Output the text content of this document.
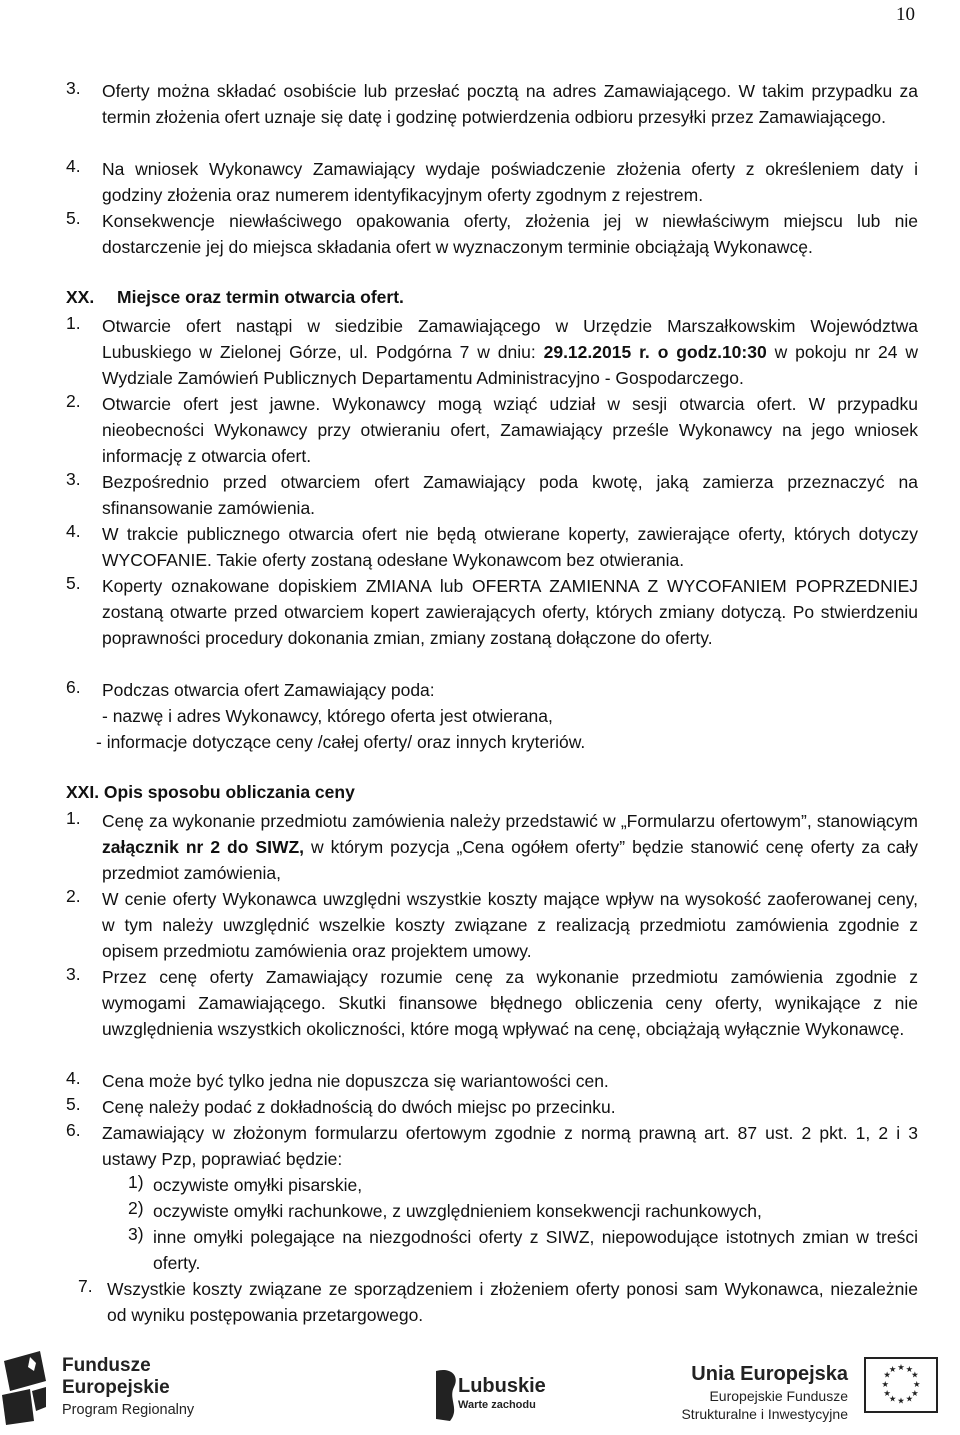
10
3. Oferty można składać osobiście lub przesłać pocztą na adres Zamawiającego. W takim przypadku za termin złożenia ofert uznaje się datę i godzinę potwierdzenia odbioru przesyłki przez Zamawiającego.
4. Na wniosek Wykonawcy Zamawiający wydaje poświadczenie złożenia oferty z określeniem daty i godziny złożenia oraz numerem identyfikacyjnym oferty zgodnym z rejestrem.
5. Konsekwencje niewłaściwego opakowania oferty, złożenia jej w niewłaściwym miejscu lub nie dostarczenie jej do miejsca składania ofert w wyznaczonym terminie obciążają Wykonawcę.
XX. Miejsce oraz termin otwarcia ofert.
1. Otwarcie ofert nastąpi w siedzibie Zamawiającego w Urzędzie Marszałkowskim Województwa Lubuskiego w Zielonej Górze, ul. Podgórna 7 w dniu: 29.12.2015 r. o godz.10:30 w pokoju nr 24 w Wydziale Zamówień Publicznych Departamentu Administracyjno - Gospodarczego.
2. Otwarcie ofert jest jawne. Wykonawcy mogą wziąć udział w sesji otwarcia ofert. W przypadku nieobecności Wykonawcy przy otwieraniu ofert, Zamawiający prześle Wykonawcy na jego wniosek informację z otwarcia ofert.
3. Bezpośrednio przed otwarciem ofert Zamawiający poda kwotę, jaką zamierza przeznaczyć na sfinansowanie zamówienia.
4. W trakcie publicznego otwarcia ofert nie będą otwierane koperty, zawierające oferty, których dotyczy WYCOFANIE. Takie oferty zostaną odesłane Wykonawcom bez otwierania.
5. Koperty oznakowane dopiskiem ZMIANA lub OFERTA ZAMIENNA Z WYCOFANIEM POPRZEDNIEJ zostaną otwarte przed otwarciem kopert zawierających oferty, których zmiany dotyczą. Po stwierdzeniu poprawności procedury dokonania zmian, zmiany zostaną dołączone do oferty.
6. Podczas otwarcia ofert Zamawiający poda:
- nazwę i adres Wykonawcy, którego oferta jest otwierana,
- informacje dotyczące ceny /całej oferty/ oraz innych kryteriów.
XXI. Opis sposobu obliczania ceny
1. Cenę za wykonanie przedmiotu zamówienia należy przedstawić w „Formularzu ofertowym”, stanowiącym załącznik nr 2 do SIWZ, w którym pozycja „Cena ogółem oferty” będzie stanowić cenę oferty za cały przedmiot zamówienia,
2. W cenie oferty Wykonawca uwzględni wszystkie koszty mające wpływ na wysokość zaoferowanej ceny, w tym należy uwzględnić wszelkie koszty związane z realizacją przedmiotu zamówienia zgodnie z opisem przedmiotu zamówienia oraz projektem umowy.
3. Przez cenę oferty Zamawiający rozumie cenę za wykonanie przedmiotu zamówienia zgodnie z wymogami Zamawiającego. Skutki finansowe błędnego obliczenia ceny oferty, wynikające z nie uwzględnienia wszystkich okoliczności, które mogą wpływać na cenę, obciążają wyłącznie Wykonawcę.
4. Cena może być tylko jedna nie dopuszcza się wariantowości cen.
5. Cenę należy podać z dokładnością do dwóch miejsc po przecinku.
6. Zamawiający w złożonym formularzu ofertowym zgodnie z normą prawną art. 87 ust. 2 pkt. 1, 2 i 3 ustawy Pzp, poprawiać będzie:
1) oczywiste omyłki pisarskie,
2) oczywiste omyłki rachunkowe, z uwzględnieniem konsekwencji rachunkowych,
3) inne omyłki polegające na niezgodności oferty z SIWZ, niepowodujące istotnych zmian w treści oferty.
7. Wszystkie koszty związane ze sporządzeniem i złożeniem oferty ponosi sam Wykonawca, niezależnie od wyniku postępowania przetargowego.
Fundusze
Europejskie
Program Regionalny
Lubuskie
Warte zachodu
Unia Europejska
Europejskie Fundusze
Strukturalne i Inwestycyjne
★ ★
★
★
★
★
★
★
★
★
★
★
